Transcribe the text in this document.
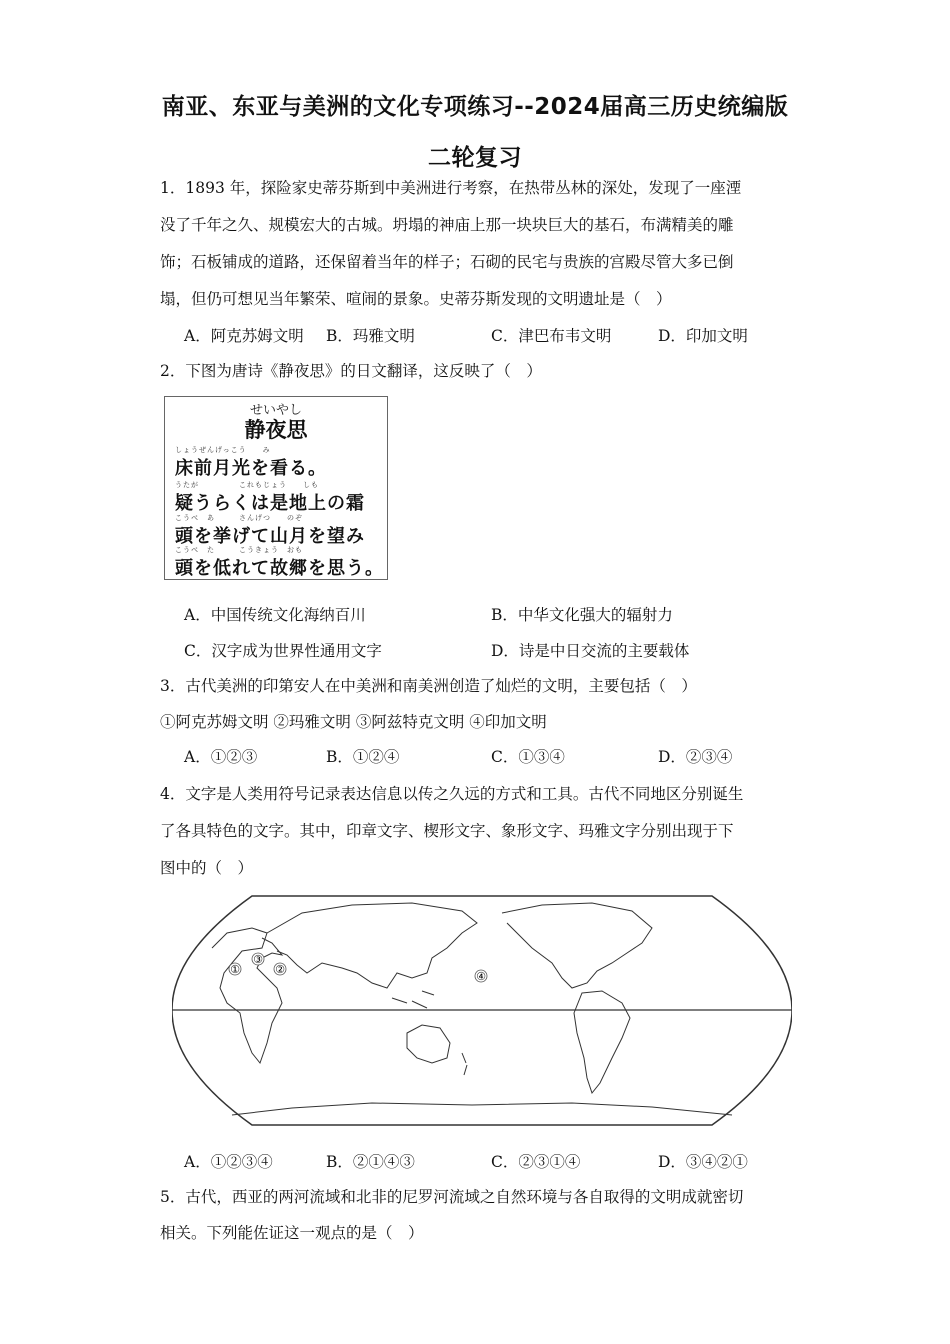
南亚、东亚与美洲的文化专项练习--2024届高三历史统编版
二轮复习
1．1893 年，探险家史蒂芬斯到中美洲进行考察，在热带丛林的深处，发现了一座湮
没了千年之久、规模宏大的古城。坍塌的神庙上那一块块巨大的基石，布满精美的雕
饰；石板铺成的道路，还保留着当年的样子；石砌的民宅与贵族的宫殿尽管大多已倒
塌，但仍可想见当年繁荣、喧闹的景象。史蒂芬斯发现的文明遗址是（　）
A．阿克苏姆文明 B．玛雅文明	C．津巴布韦文明	D．印加文明
2．下图为唐诗《静夜思》的日文翻译，这反映了（　）
せいやし
静夜思
しょうぜんげっこう　　み
床前月光を看る。
うたが　　　　　これもじょう　　しも
疑うらくは是地上の霜
こうべ　あ　　　さんげつ　　のぞ
頭を挙げて山月を望み
こうべ　た　　　こうきょう　おも
頭を低れて故郷を思う。
A．中国传统文化海纳百川	B．中华文化强大的辐射力
C．汉字成为世界性通用文字	D．诗是中日交流的主要载体
3．古代美洲的印第安人在中美洲和南美洲创造了灿烂的文明，主要包括（　）
①阿克苏姆文明 ②玛雅文明 ③阿兹特克文明 ④印加文明
A．①②③	B．①②④	C．①③④	D．②③④
4．文字是人类用符号记录表达信息以传之久远的方式和工具。古代不同地区分别诞生
了各具特色的文字。其中，印章文字、楔形文字、象形文字、玛雅文字分别出现于下
图中的（　）
①
③
②
④
A．①②③④	B．②①④③	C．②③①④	D．③④②①
5．古代，西亚的两河流域和北非的尼罗河流域之自然环境与各自取得的文明成就密切
相关。下列能佐证这一观点的是（　）
